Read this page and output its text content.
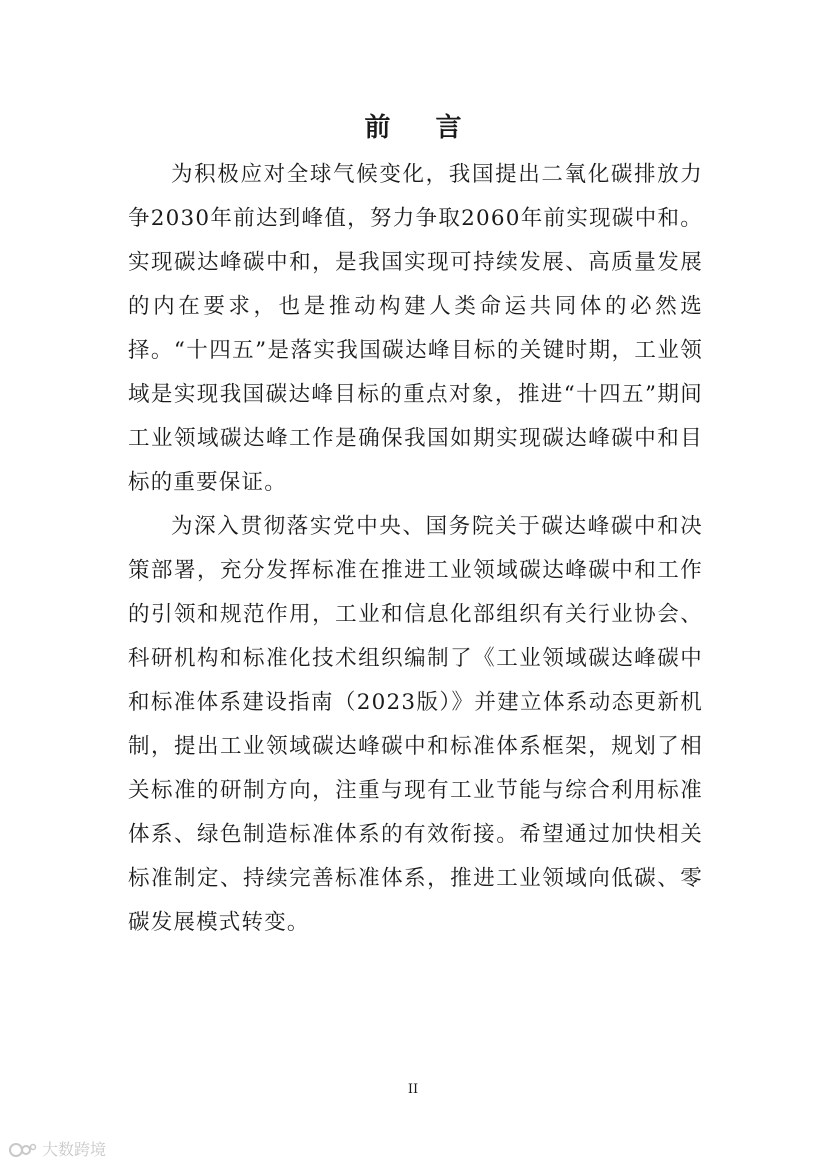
前 言

为积极应对全球气候变化，我国提出二氧化碳排放力争2030年前达到峰值，努力争取2060年前实现碳中和。实现碳达峰碳中和，是我国实现可持续发展、高质量发展的内在要求，也是推动构建人类命运共同体的必然选择。“十四五”是落实我国碳达峰目标的关键时期，工业领域是实现我国碳达峰目标的重点对象，推进“十四五”期间工业领域碳达峰工作是确保我国如期实现碳达峰碳中和目标的重要保证。

为深入贯彻落实党中央、国务院关于碳达峰碳中和决策部署，充分发挥标准在推进工业领域碳达峰碳中和工作的引领和规范作用，工业和信息化部组织有关行业协会、科研机构和标准化技术组织编制了《工业领域碳达峰碳中和标准体系建设指南（2023版）》并建立体系动态更新机制，提出工业领域碳达峰碳中和标准体系框架，规划了相关标准的研制方向，注重与现有工业节能与综合利用标准体系、绿色制造标准体系的有效衔接。希望通过加快相关标准制定、持续完善标准体系，推进工业领域向低碳、零碳发展模式转变。

II
大数跨境
